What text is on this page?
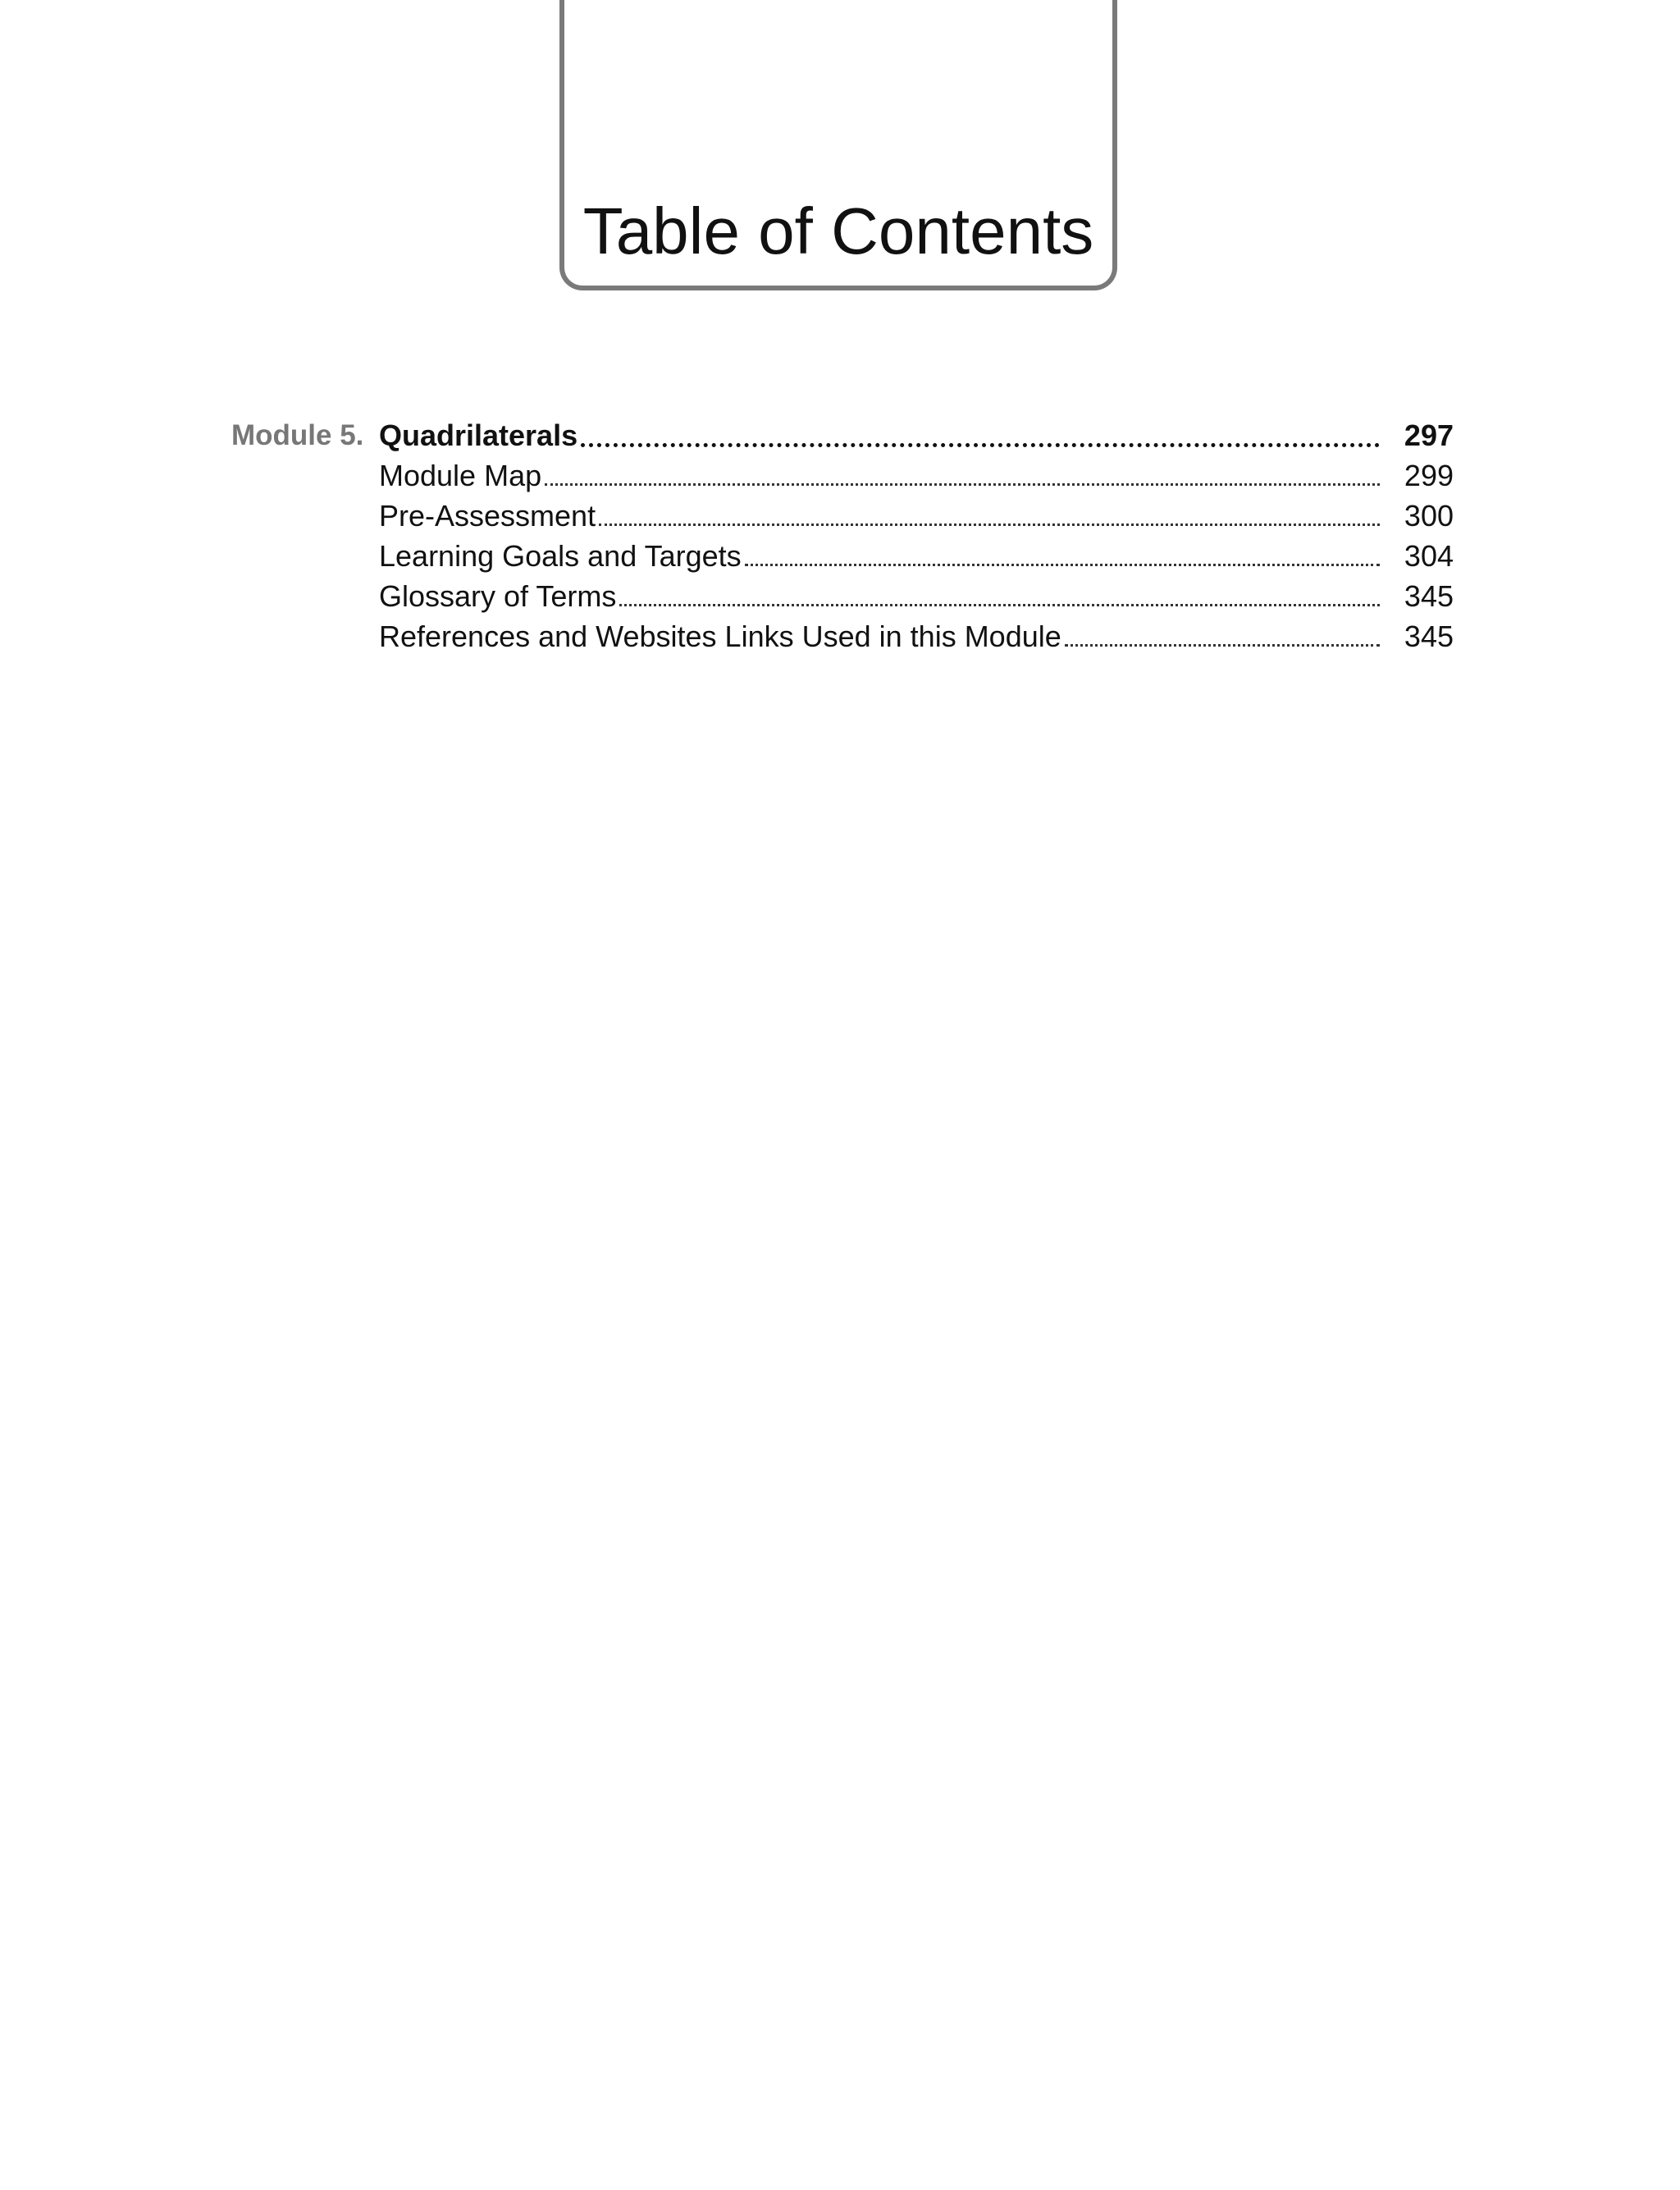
Table of Contents
Module 5. Quadrilaterals	297
Module Map	299
Pre-Assessment	300
Learning Goals and Targets	304
Glossary of Terms	345
References and Websites Links Used in this Module	345
